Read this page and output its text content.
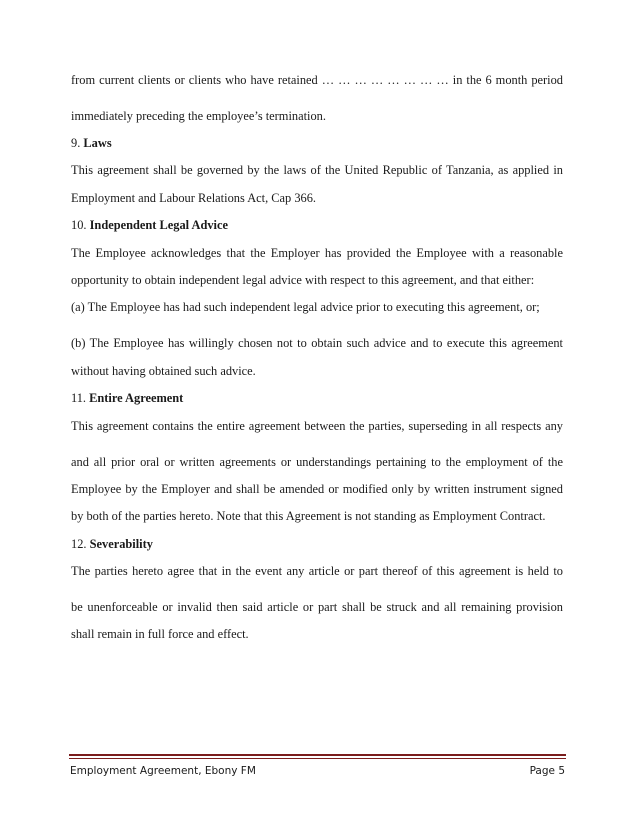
from current clients or clients who have retained … … … … … … … … in the 6 month period
immediately preceding the employee’s termination.
9. Laws
This agreement shall be governed by the laws of the United Republic of Tanzania, as applied in
Employment and Labour Relations Act, Cap 366.
10. Independent Legal Advice
The Employee acknowledges that the Employer has provided the Employee with a reasonable
opportunity to obtain independent legal advice with respect to this agreement, and that either:
(a) The Employee has had such independent legal advice prior to executing this agreement, or;
(b) The Employee has willingly chosen not to obtain such advice and to execute this agreement
without having obtained such advice.
11. Entire Agreement
This agreement contains the entire agreement between the parties, superseding in all respects any
and all prior oral or written agreements or understandings pertaining to the employment of the
Employee by the Employer and shall be amended or modified only by written instrument signed
by both of the parties hereto. Note that this Agreement is not standing as Employment Contract.
12. Severability
The parties hereto agree that in the event any article or part thereof of this agreement is held to
be unenforceable or invalid then said article or part shall be struck and all remaining provision
shall remain in full force and effect.
Employment Agreement, Ebony FM	Page 5
